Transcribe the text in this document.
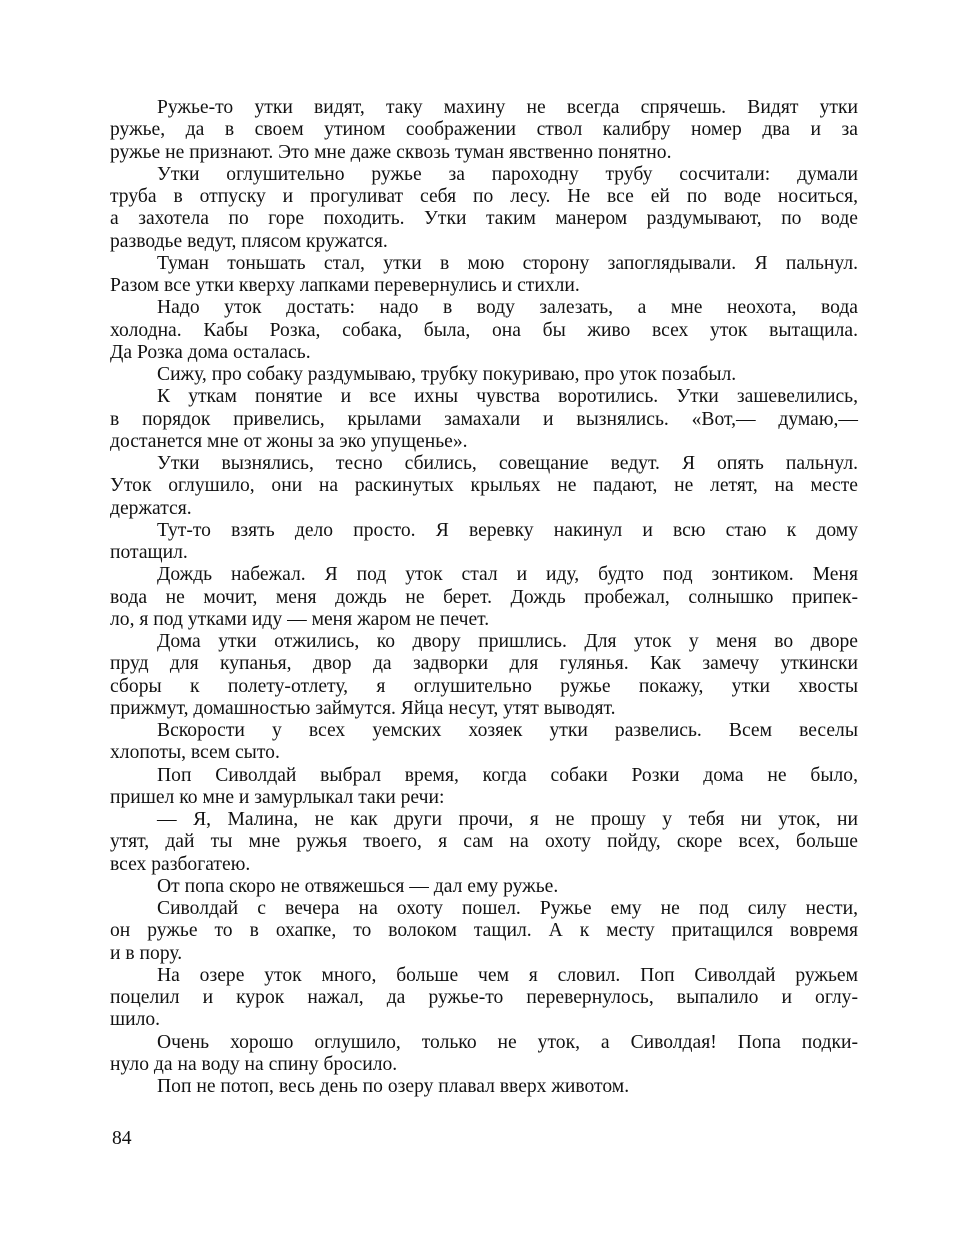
Ружье-то утки видят, таку махину не всегда спрячешь. Видят утки
ружье, да в своем утином соображении ствол калибру номер два и за
ружье не признают. Это мне даже сквозь туман явственно понятно.
Утки оглушительно ружье за пароходну трубу сосчитали: думали
труба в отпуску и прогуливат себя по лесу. Не все ей по воде носиться,
а захотела по горе походить. Утки таким манером раздумывают, по воде
разводье ведут, плясом кружатся.
Туман тоньшать стал, утки в мою сторону запоглядывали. Я пальнул.
Разом все утки кверху лапками перевернулись и стихли.
Надо уток достать: надо в воду залезать, а мне неохота, вода
холодна. Кабы Розка, собака, была, она бы живо всех уток вытащила.
Да Розка дома осталась.
Сижу, про собаку раздумываю, трубку покуриваю, про уток позабыл.
К уткам понятие и все ихны чувства воротились. Утки зашевелились,
в порядок привелись, крылами замахали и вызнялись. «Вот,— думаю,—
достанется мне от жоны за эко упущенье».
Утки вызнялись, тесно сбились, совещание ведут. Я опять пальнул.
Уток оглушило, они на раскинутых крыльях не падают, не летят, на месте
держатся.
Тут-то взять дело просто. Я веревку накинул и всю стаю к дому
потащил.
Дождь набежал. Я под уток стал и иду, будто под зонтиком. Меня
вода не мочит, меня дождь не берет. Дождь пробежал, солнышко припек-
ло, я под утками иду — меня жаром не печет.
Дома утки отжились, ко двору пришлись. Для уток у меня во дворе
пруд для купанья, двор да задворки для гулянья. Как замечу уткински
сборы к полету-отлету, я оглушительно ружье покажу, утки хвосты
прижмут, домашностью займутся. Яйца несут, утят выводят.
Вскорости у всех уемских хозяек утки развелись. Всем веселы
хлопоты, всем сыто.
Поп Сиволдай выбрал время, когда собаки Розки дома не было,
пришел ко мне и замурлыкал таки речи:
— Я, Малина, не как други прочи, я не прошу у тебя ни уток, ни
утят, дай ты мне ружья твоего, я сам на охоту пойду, скоре всех, больше
всех разбогатею.
От попа скоро не отвяжешься — дал ему ружье.
Сиволдай с вечера на охоту пошел. Ружье ему не под силу нести,
он ружье то в охапке, то волоком тащил. А к месту притащился вовремя
и в пору.
На озере уток много, больше чем я словил. Поп Сиволдай ружьем
поцелил и курок нажал, да ружье-то перевернулось, выпалило и оглу-
шило.
Очень хорошо оглушило, только не уток, а Сиволдая! Попа подки-
нуло да на воду на спину бросило.
Поп не потоп, весь день по озеру плавал вверх животом.
84
